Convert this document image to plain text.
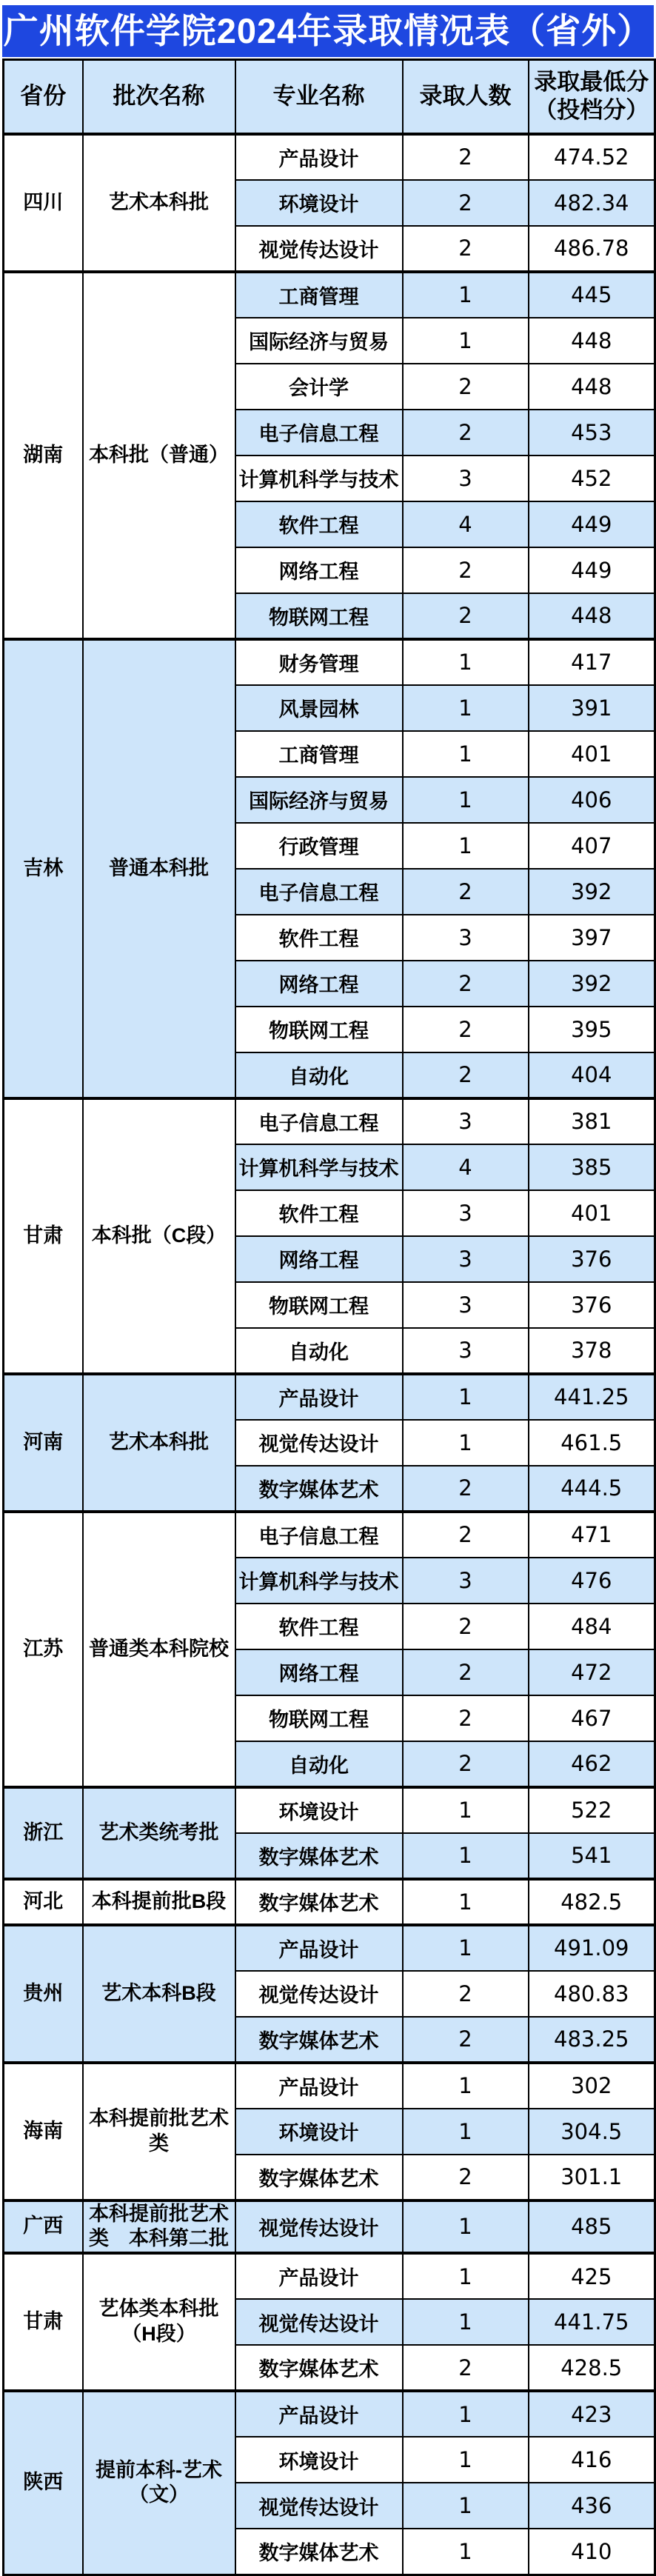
广州软件学院2024年录取情况表（省外）
省份	批次名称	专业名称	录取人数	录取最低分
（投档分）

四川	艺术本科批	产品设计	2	474.52
		环境设计	2	482.34
		视觉传达设计	2	486.78
湖南	本科批（普通）	工商管理	1	445
		国际经济与贸易	1	448
		会计学	2	448
		电子信息工程	2	453
		计算机科学与技术	3	452
		软件工程	4	449
		网络工程	2	449
		物联网工程	2	448
吉林	普通本科批	财务管理	1	417
		风景园林	1	391
		工商管理	1	401
		国际经济与贸易	1	406
		行政管理	1	407
		电子信息工程	2	392
		软件工程	3	397
		网络工程	2	392
		物联网工程	2	395
		自动化	2	404
甘肃	本科批（C段）	电子信息工程	3	381
		计算机科学与技术	4	385
		软件工程	3	401
		网络工程	3	376
		物联网工程	3	376
		自动化	3	378
河南	艺术本科批	产品设计	1	441.25
		视觉传达设计	1	461.5
		数字媒体艺术	2	444.5
江苏	普通类本科院校	电子信息工程	2	471
		计算机科学与技术	3	476
		软件工程	2	484
		网络工程	2	472
		物联网工程	2	467
		自动化	2	462
浙江	艺术类统考批	环境设计	1	522
		数字媒体艺术	1	541
河北	本科提前批B段	数字媒体艺术	1	482.5
贵州	艺术本科B段	产品设计	1	491.09
		视觉传达设计	2	480.83
		数字媒体艺术	2	483.25
海南	本科提前批艺术类	产品设计	1	302
		环境设计	1	304.5
		数字媒体艺术	2	301.1
广西	本科提前批艺术类　本科第二批	视觉传达设计	1	485
甘肃	艺体类本科批（H段）	产品设计	1	425
		视觉传达设计	1	441.75
		数字媒体艺术	2	428.5
陕西	提前本科-艺术（文）	产品设计	1	423
		环境设计	1	416
		视觉传达设计	1	436
		数字媒体艺术	1	410
